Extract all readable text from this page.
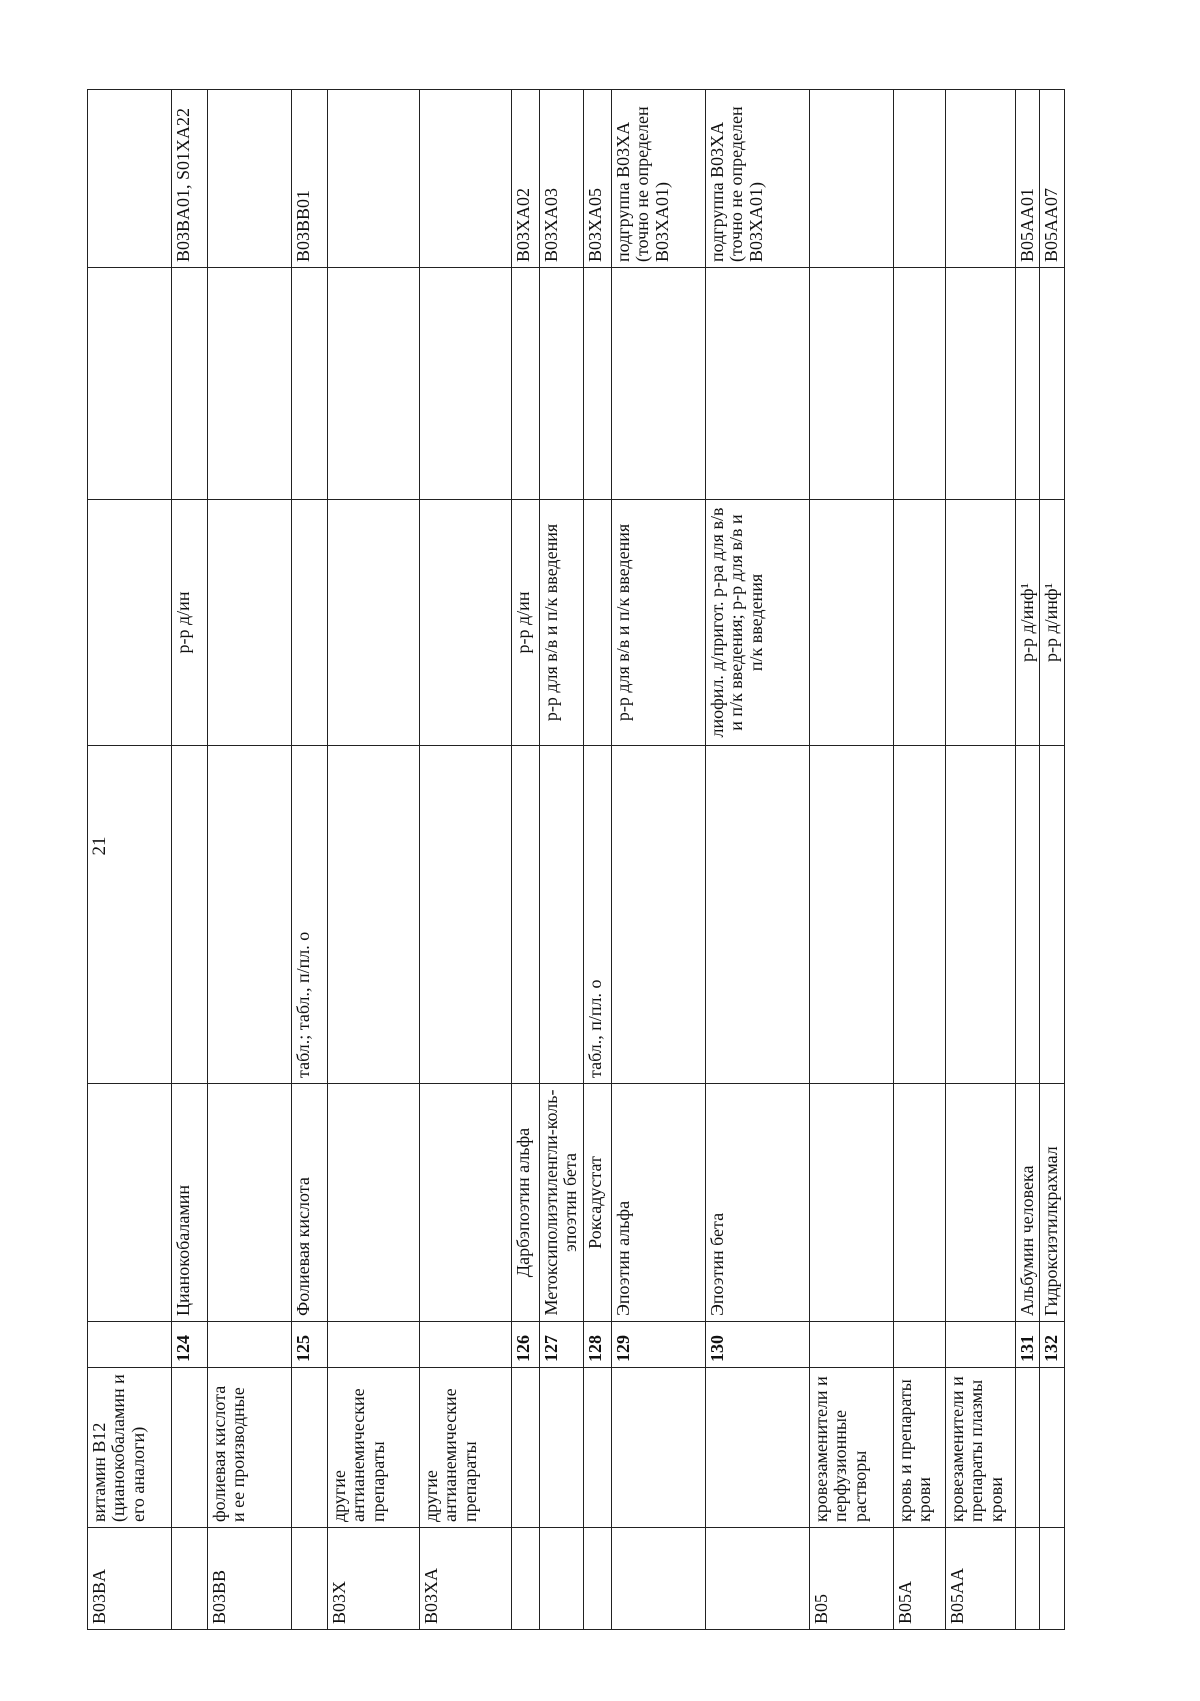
21
B03BA	витамин B12 (цианокобаламин и его аналоги)						
		124	Цианокобаламин		р-р д/ин		B03BA01, S01XA22
B03BB	фолиевая кислота и ее производные						
		125	Фолиевая кислота	табл.; табл., п/пл. о			B03BB01
B03X	другие антианемические препараты						
B03XA	другие антианемические препараты						
		126	Дарбэпоэтин альфа		р-р д/ин		B03XA02
		127	Метоксиполиэтиленгли-коль-эпоэтин бета		р-р для в/в и п/к введения		B03XA03
		128	Роксадустат	табл., п/пл. о			B03XA05
		129	Эпоэтин альфа		р-р для в/в и п/к введения		подгруппа B03XA (точно не определен B03XA01)
		130	Эпоэтин бета		лиофил. д/пригот. р-ра для в/в и п/к введения; р-р для в/в и п/к введения		подгруппа B03XA (точно не определен B03XA01)
B05	кровезаменители и перфузионные растворы						
B05A	кровь и препараты крови						
B05AA	кровезаменители и препараты плазмы крови						
		131	Альбумин человека		р-р д/инф¹		B05AA01
		132	Гидроксиэтилкрахмал		р-р д/инф¹		B05AA07
